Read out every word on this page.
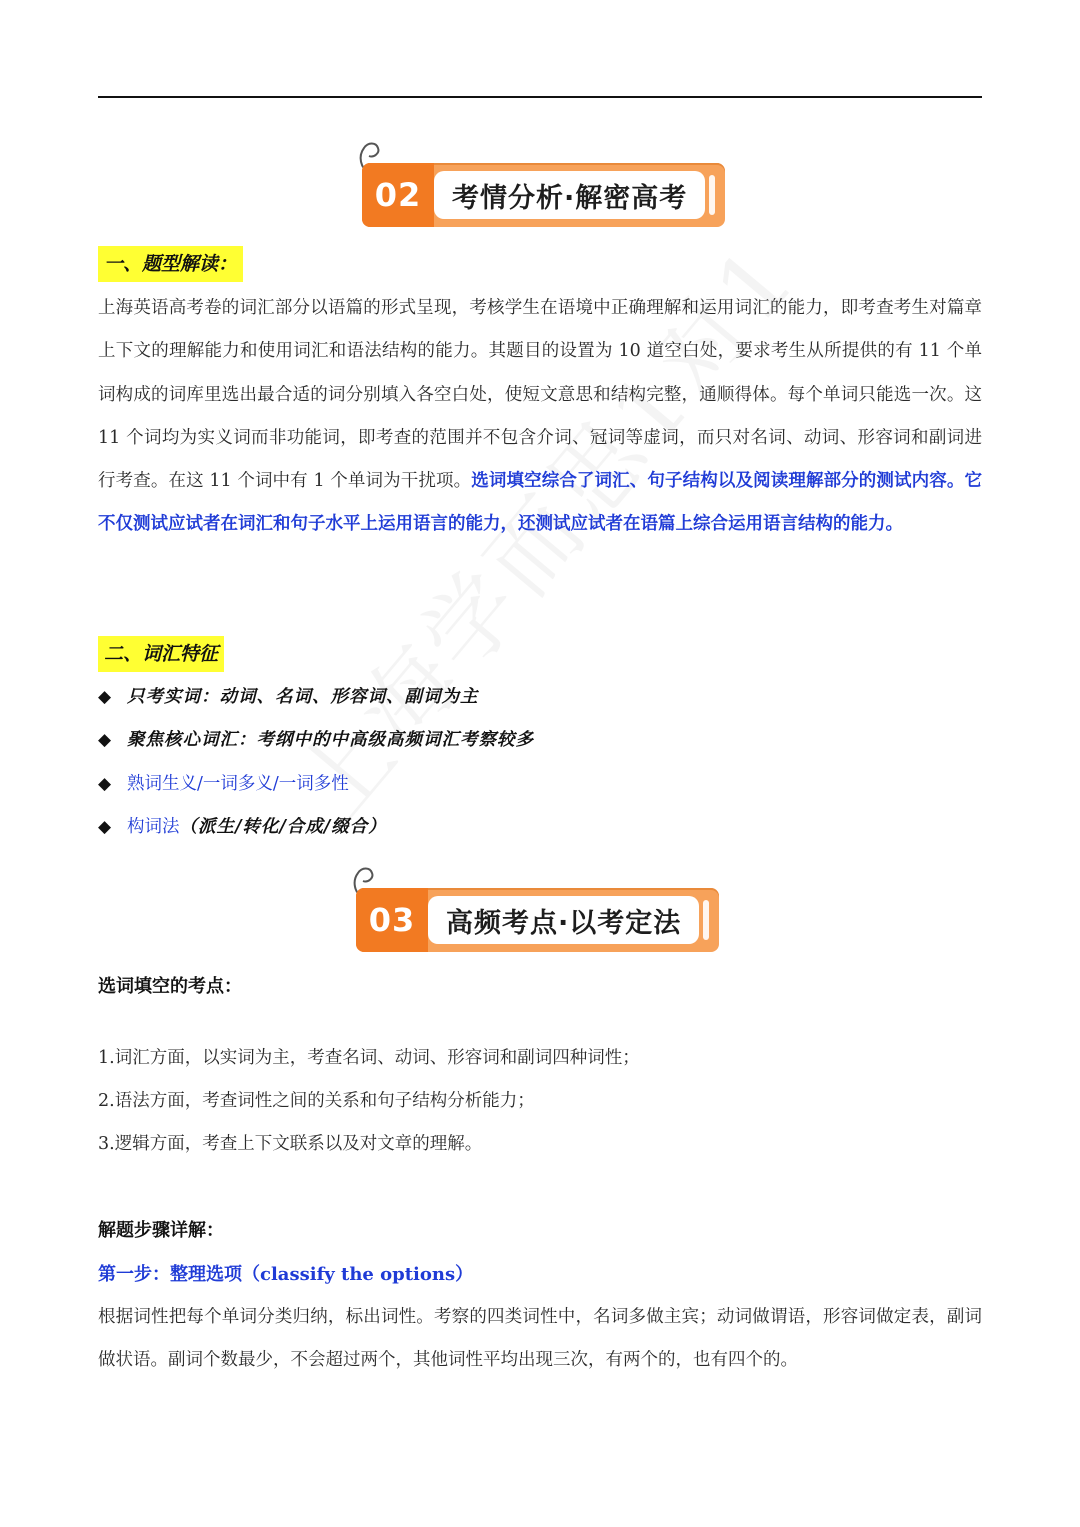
02	考情分析·解密高考
一、题型解读：
上海英语高考卷的词汇部分以语篇的形式呈现，考核学生在语境中正确理解和运用词汇的能力，即考查考生对篇章上下文的理解能力和使用词汇和语法结构的能力。其题目的设置为 10 道空白处，要求考生从所提供的有 11 个单词构成的词库里选出最合适的词分别填入各空白处，使短文意思和结构完整，通顺得体。每个单词只能选一次。这 11 个词均为实义词而非功能词，即考查的范围并不包含介词、冠词等虚词，而只对名词、动词、形容词和副词进行考查。在这 11 个词中有 1 个单词为干扰项。选词填空综合了词汇、句子结构以及阅读理解部分的测试内容。它不仅测试应试者在词汇和句子水平上运用语言的能力，还测试应试者在语篇上综合运用语言结构的能力。
二、词汇特征
◆ 只考实词：动词、名词、形容词、副词为主
◆ 聚焦核心词汇：考纲中的中高级高频词汇考察较多
◆ 熟词生义/一词多义/一词多性
◆ 构词法 （派生/转化/合成/缀合）
03	高频考点·以考定法
选词填空的考点：
1.词汇方面，以实词为主，考查名词、动词、形容词和副词四种词性；
2.语法方面，考查词性之间的关系和句子结构分析能力；
3.逻辑方面，考查上下文联系以及对文章的理解。
解题步骤详解：
第一步：整理选项（classify the options）
根据词性把每个单词分类归纳，标出词性。考察的四类词性中，名词多做主宾；动词做谓语，形容词做定表，副词做状语。副词个数最少，不会超过两个，其他词性平均出现三次，有两个的，也有四个的。
